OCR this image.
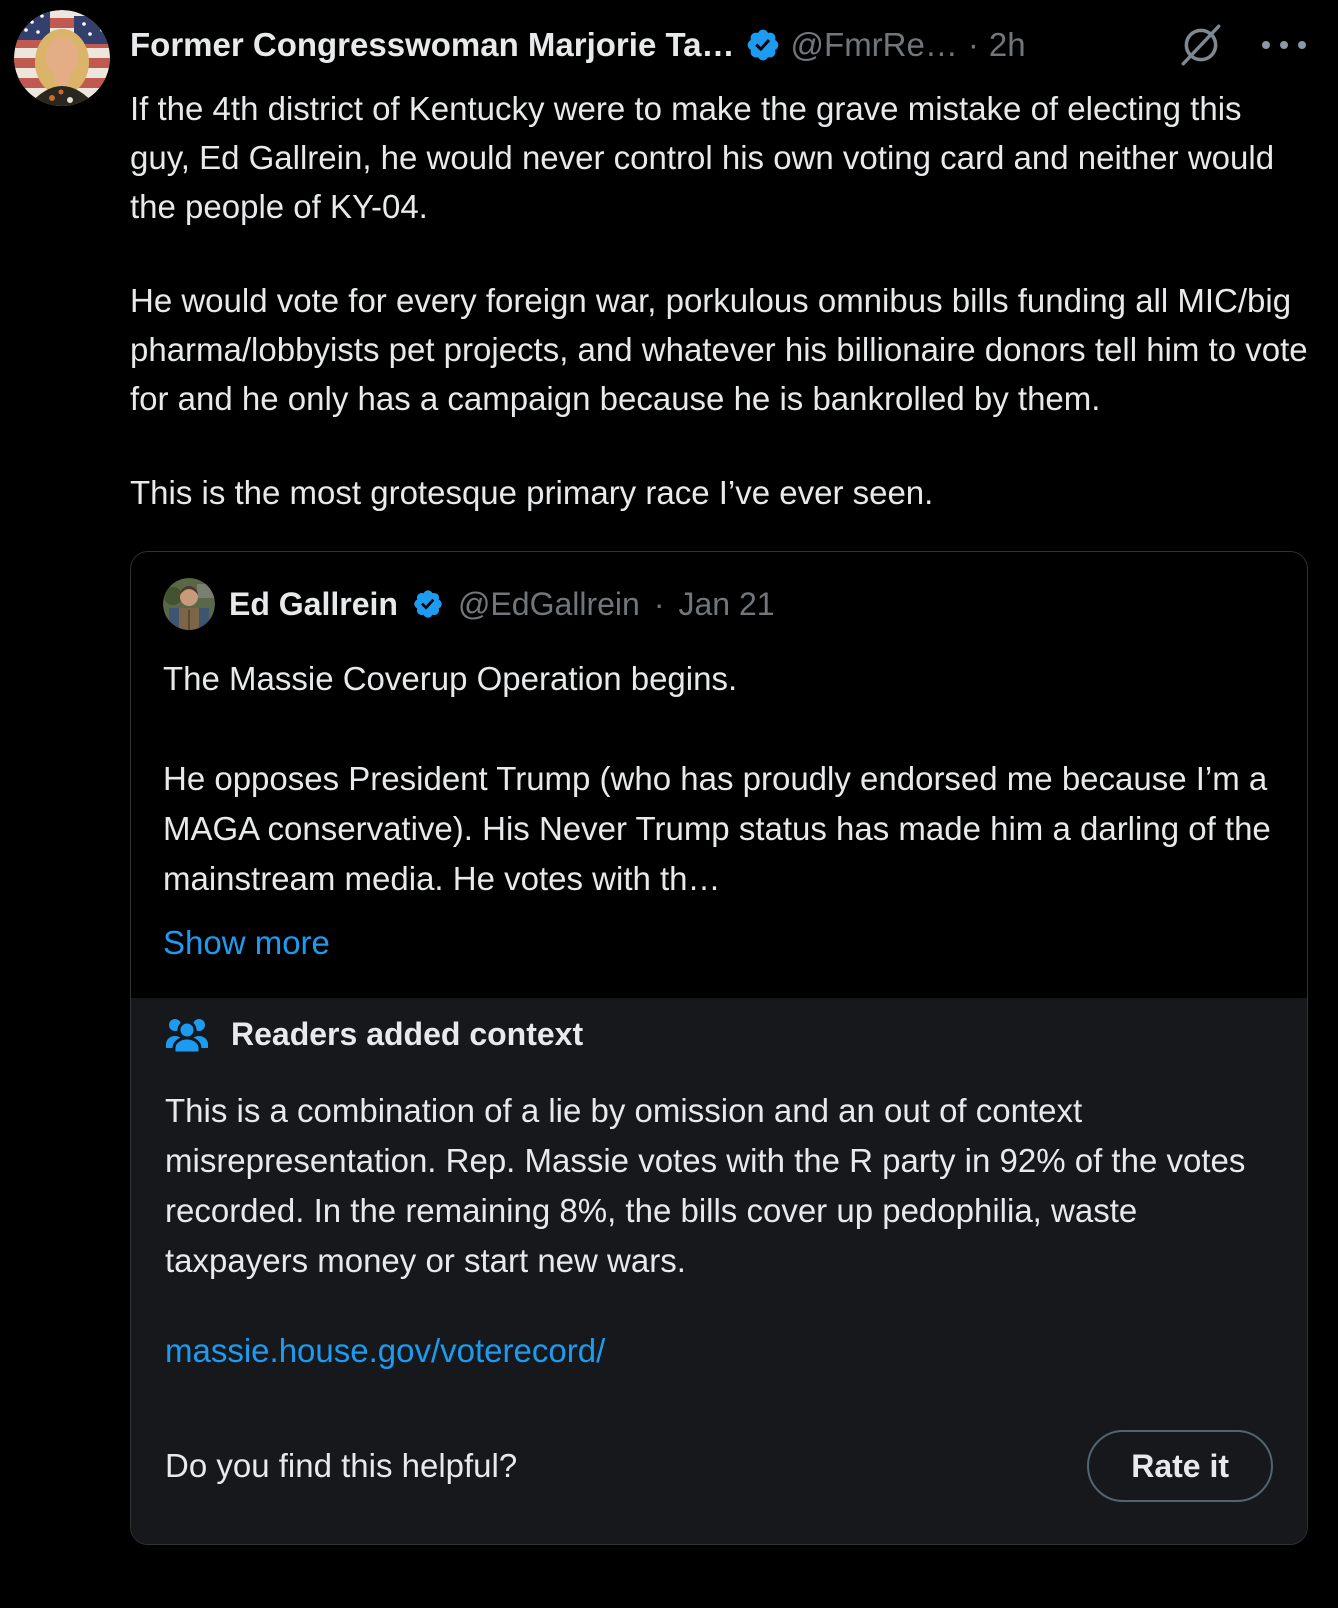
Former Congresswoman Marjorie Ta… @FmrRe… · 2h

If the 4th district of Kentucky were to make the grave mistake of electing this guy, Ed Gallrein, he would never control his own voting card and neither would the people of KY-04.

He would vote for every foreign war, porkulous omnibus bills funding all MIC/big pharma/lobbyists pet projects, and whatever his billionaire donors tell him to vote for and he only has a campaign because he is bankrolled by them.

This is the most grotesque primary race I’ve ever seen.

Ed Gallrein @EdGallrein · Jan 21

The Massie Coverup Operation begins.

He opposes President Trump (who has proudly endorsed me because I’m a MAGA conservative). His Never Trump status has made him a darling of the mainstream media. He votes with th…

Show more
Readers added context
This is a combination of a lie by omission and an out of context misrepresentation. Rep. Massie votes with the R party in 92% of the votes recorded. In the remaining 8%, the bills cover up pedophilia, waste taxpayers money or start new wars.
massie.house.gov/voterecord/
Do you find this helpful?	Rate it
